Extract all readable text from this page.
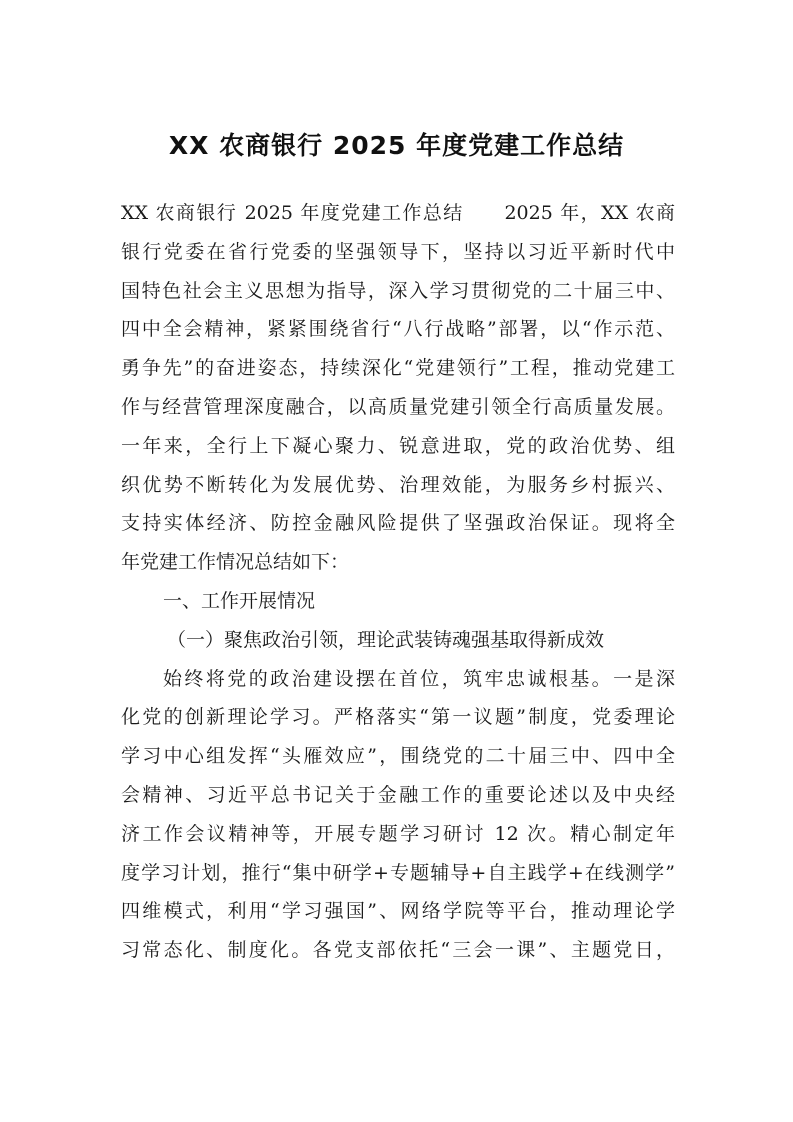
XX 农商银行 2025 年度党建工作总结
XX 农商银行 2025 年度党建工作总结　　2025 年，XX 农商
银行党委在省行党委的坚强领导下，坚持以习近平新时代中
国特色社会主义思想为指导，深入学习贯彻党的二十届三中、
四中全会精神，紧紧围绕省行“八行战略”部署，以“作示范、
勇争先”的奋进姿态，持续深化“党建领行”工程，推动党建工
作与经营管理深度融合，以高质量党建引领全行高质量发展。
一年来，全行上下凝心聚力、锐意进取，党的政治优势、组
织优势不断转化为发展优势、治理效能，为服务乡村振兴、
支持实体经济、防控金融风险提供了坚强政治保证。现将全
年党建工作情况总结如下：
一、工作开展情况
（一）聚焦政治引领，理论武装铸魂强基取得新成效
始终将党的政治建设摆在首位，筑牢忠诚根基。一是深
化党的创新理论学习。严格落实“第一议题”制度，党委理论
学习中心组发挥“头雁效应”，围绕党的二十届三中、四中全
会精神、习近平总书记关于金融工作的重要论述以及中央经
济工作会议精神等，开展专题学习研讨 12 次。精心制定年
度学习计划，推行“集中研学+专题辅导+自主践学+在线测学”
四维模式，利用“学习强国”、网络学院等平台，推动理论学
习常态化、制度化。各党支部依托“三会一课”、主题党日，
